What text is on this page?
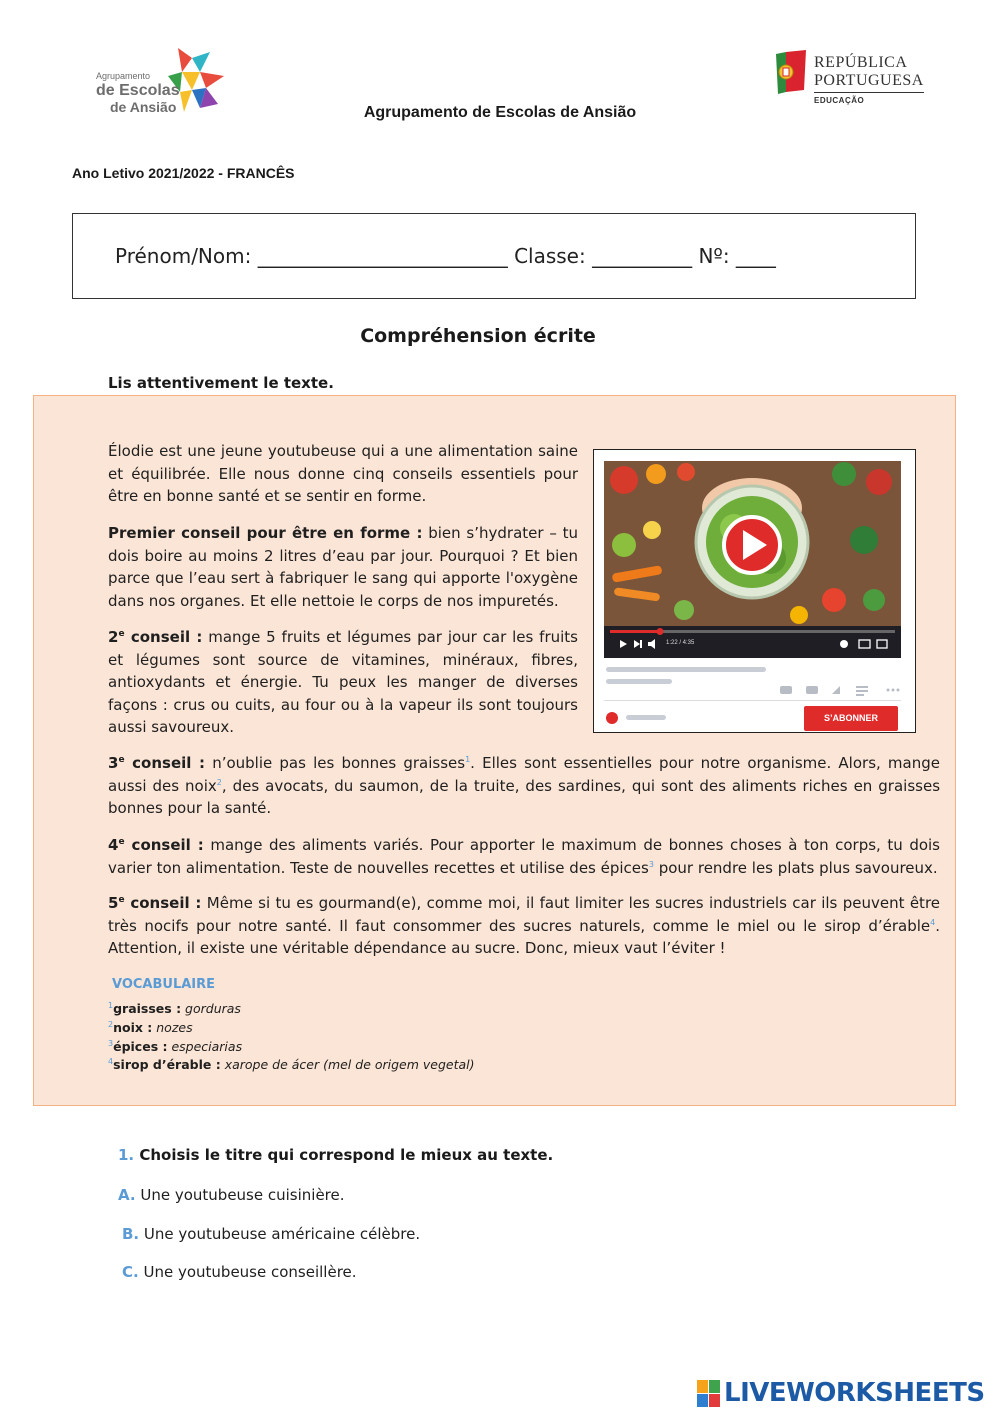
Agrupamento
de Escolas
de Ansião
REPÚBLICA
PORTUGUESA
EDUCAÇÃO
Agrupamento de Escolas de Ansião
Ano Letivo 2021/2022 - FRANCÊS
Prénom/Nom: _________________________ Classe: __________ Nº: ____
Compréhension écrite
Lis attentivement le texte.
Élodie est une jeune youtubeuse qui a une alimentation saine et équilibrée. Elle nous donne cinq conseils essentiels pour être en bonne santé et se sentir en forme.
Premier conseil pour être en forme : bien s’hydrater – tu dois boire au moins 2 litres d’eau par jour. Pourquoi ? Et bien parce que l’eau sert à fabriquer le sang qui apporte l'oxygène dans nos organes. Et elle nettoie le corps de nos impuretés.
2e conseil : mange 5 fruits et légumes par jour car les fruits et légumes sont source de vitamines, minéraux, fibres, antioxydants et énergie. Tu peux les manger de diverses façons : crus ou cuits, au four ou à la vapeur ils sont toujours aussi savoureux.
3e conseil : n’oublie pas les bonnes graisses$^1$. Elles sont essentielles pour notre organisme. Alors, mange aussi des noix$^2$, des avocats, du saumon, de la truite, des sardines, qui sont des aliments riches en graisses bonnes pour la santé.
4e conseil : mange des aliments variés. Pour apporter le maximum de bonnes choses à ton corps, tu dois varier ton alimentation. Teste de nouvelles recettes et utilise des épices$^3$ pour rendre les plats plus savoureux.
5e conseil : Même si tu es gourmand(e), comme moi, il faut limiter les sucres industriels car ils peuvent être très nocifs pour notre santé. Il faut consommer des sucres naturels, comme le miel ou le sirop d’érable$^4$. Attention, il existe une véritable dépendance au sucre. Donc, mieux vaut l’éviter !
1:22 / 4:35
S’ABONNER
VOCABULAIRE
$^1$graisses : gorduras
$^2$noix : nozes
$^3$épices : especiarias
$^4$sirop d’érable : xarope de ácer (mel de origem vegetal)
1. Choisis le titre qui correspond le mieux au texte.
A. Une youtubeuse cuisinière.
B. Une youtubeuse américaine célèbre.
C. Une youtubeuse conseillère.
LIVEWORKSHEETS
